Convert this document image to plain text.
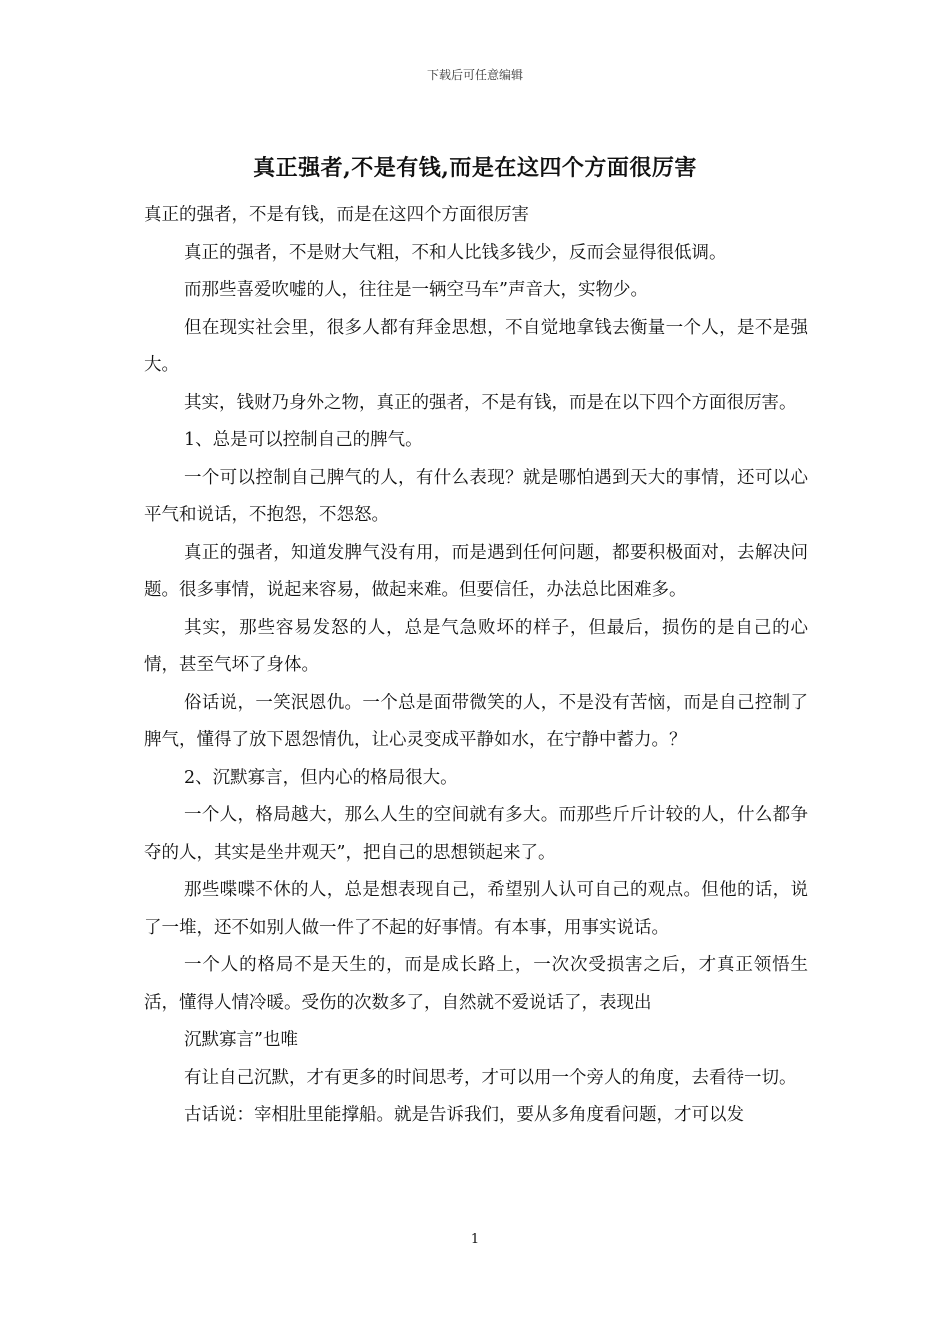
下载后可任意编辑
真正强者,不是有钱,而是在这四个方面很厉害

真正的强者，不是有钱，而是在这四个方面很厉害

真正的强者，不是财大气粗，不和人比钱多钱少，反而会显得很低调。

而那些喜爱吹嘘的人，往往是一辆空马车”声音大，实物少。

但在现实社会里，很多人都有拜金思想，不自觉地拿钱去衡量一个人，是不是强大。

其实，钱财乃身外之物，真正的强者，不是有钱，而是在以下四个方面很厉害。

1、总是可以控制自己的脾气。

一个可以控制自己脾气的人，有什么表现？就是哪怕遇到天大的事情，还可以心平气和说话，不抱怨，不怨怒。

真正的强者，知道发脾气没有用，而是遇到任何问题，都要积极面对，去解决问题。很多事情，说起来容易，做起来难。但要信任，办法总比困难多。

其实，那些容易发怒的人，总是气急败坏的样子，但最后，损伤的是自己的心情，甚至气坏了身体。

俗话说，一笑泯恩仇。一个总是面带微笑的人，不是没有苦恼，而是自己控制了脾气，懂得了放下恩怨情仇，让心灵变成平静如水，在宁静中蓄力。？

2、沉默寡言，但内心的格局很大。

一个人，格局越大，那么人生的空间就有多大。而那些斤斤计较的人，什么都争夺的人，其实是坐井观天”，把自己的思想锁起来了。

那些喋喋不休的人，总是想表现自己，希望别人认可自己的观点。但他的话，说了一堆，还不如别人做一件了不起的好事情。有本事，用事实说话。

一个人的格局不是天生的，而是成长路上，一次次受损害之后，才真正领悟生活，懂得人情冷暖。受伤的次数多了，自然就不爱说话了，表现出

沉默寡言”也唯

有让自己沉默，才有更多的时间思考，才可以用一个旁人的角度，去看待一切。

古话说：宰相肚里能撑船。就是告诉我们，要从多角度看问题，才可以发

1
